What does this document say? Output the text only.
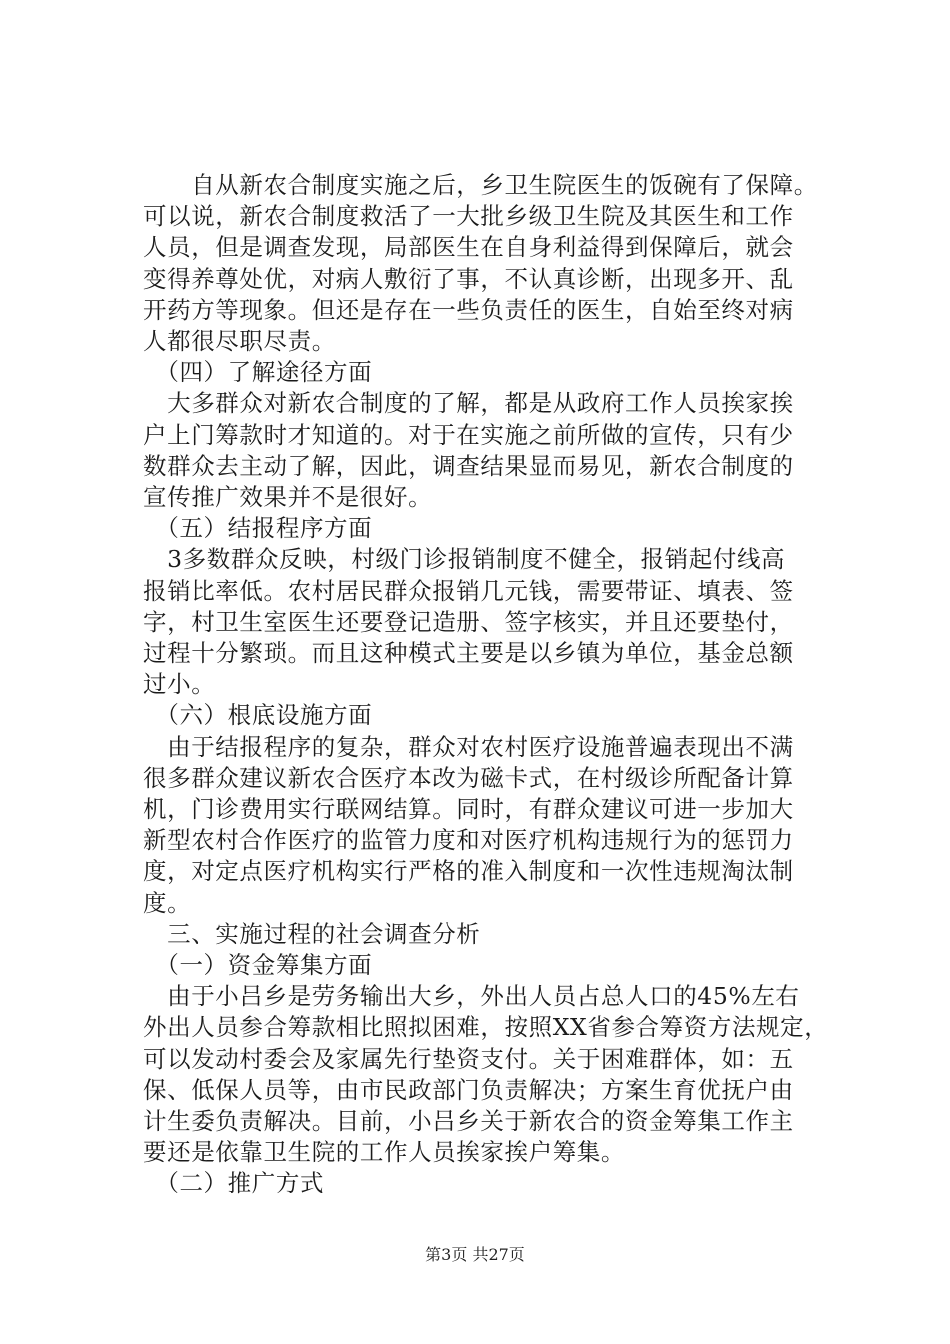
　　自从新农合制度实施之后，乡卫生院医生的饭碗有了保障。
可以说，新农合制度救活了一大批乡级卫生院及其医生和工作
人员，但是调查发现，局部医生在自身利益得到保障后，就会
变得养尊处优，对病人敷衍了事，不认真诊断，出现多开、乱
开药方等现象。但还是存在一些负责任的医生，自始至终对病
人都很尽职尽责。
　（四）了解途径方面
　大多群众对新农合制度的了解，都是从政府工作人员挨家挨
户上门筹款时才知道的。对于在实施之前所做的宣传，只有少
数群众去主动了解，因此，调查结果显而易见，新农合制度的
宣传推广效果并不是很好。
　（五）结报程序方面
　3多数群众反映，村级门诊报销制度不健全，报销起付线高
报销比率低。农村居民群众报销几元钱，需要带证、填表、签
字，村卫生室医生还要登记造册、签字核实，并且还要垫付，
过程十分繁琐。而且这种模式主要是以乡镇为单位，基金总额
过小。
　（六）根底设施方面
　由于结报程序的复杂，群众对农村医疗设施普遍表现出不满
很多群众建议新农合医疗本改为磁卡式，在村级诊所配备计算
机，门诊费用实行联网结算。同时，有群众建议可进一步加大
新型农村合作医疗的监管力度和对医疗机构违规行为的惩罚力
度，对定点医疗机构实行严格的准入制度和一次性违规淘汰制
度。
　三、实施过程的社会调查分析
　（一）资金筹集方面
　由于小吕乡是劳务输出大乡，外出人员占总人口的45%左右
外出人员参合筹款相比照拟困难，按照XX省参合筹资方法规定，
可以发动村委会及家属先行垫资支付。关于困难群体，如：五
保、低保人员等，由市民政部门负责解决；方案生育优抚户由
计生委负责解决。目前，小吕乡关于新农合的资金筹集工作主
要还是依靠卫生院的工作人员挨家挨户筹集。
　（二）推广方式
第3页 共27页
